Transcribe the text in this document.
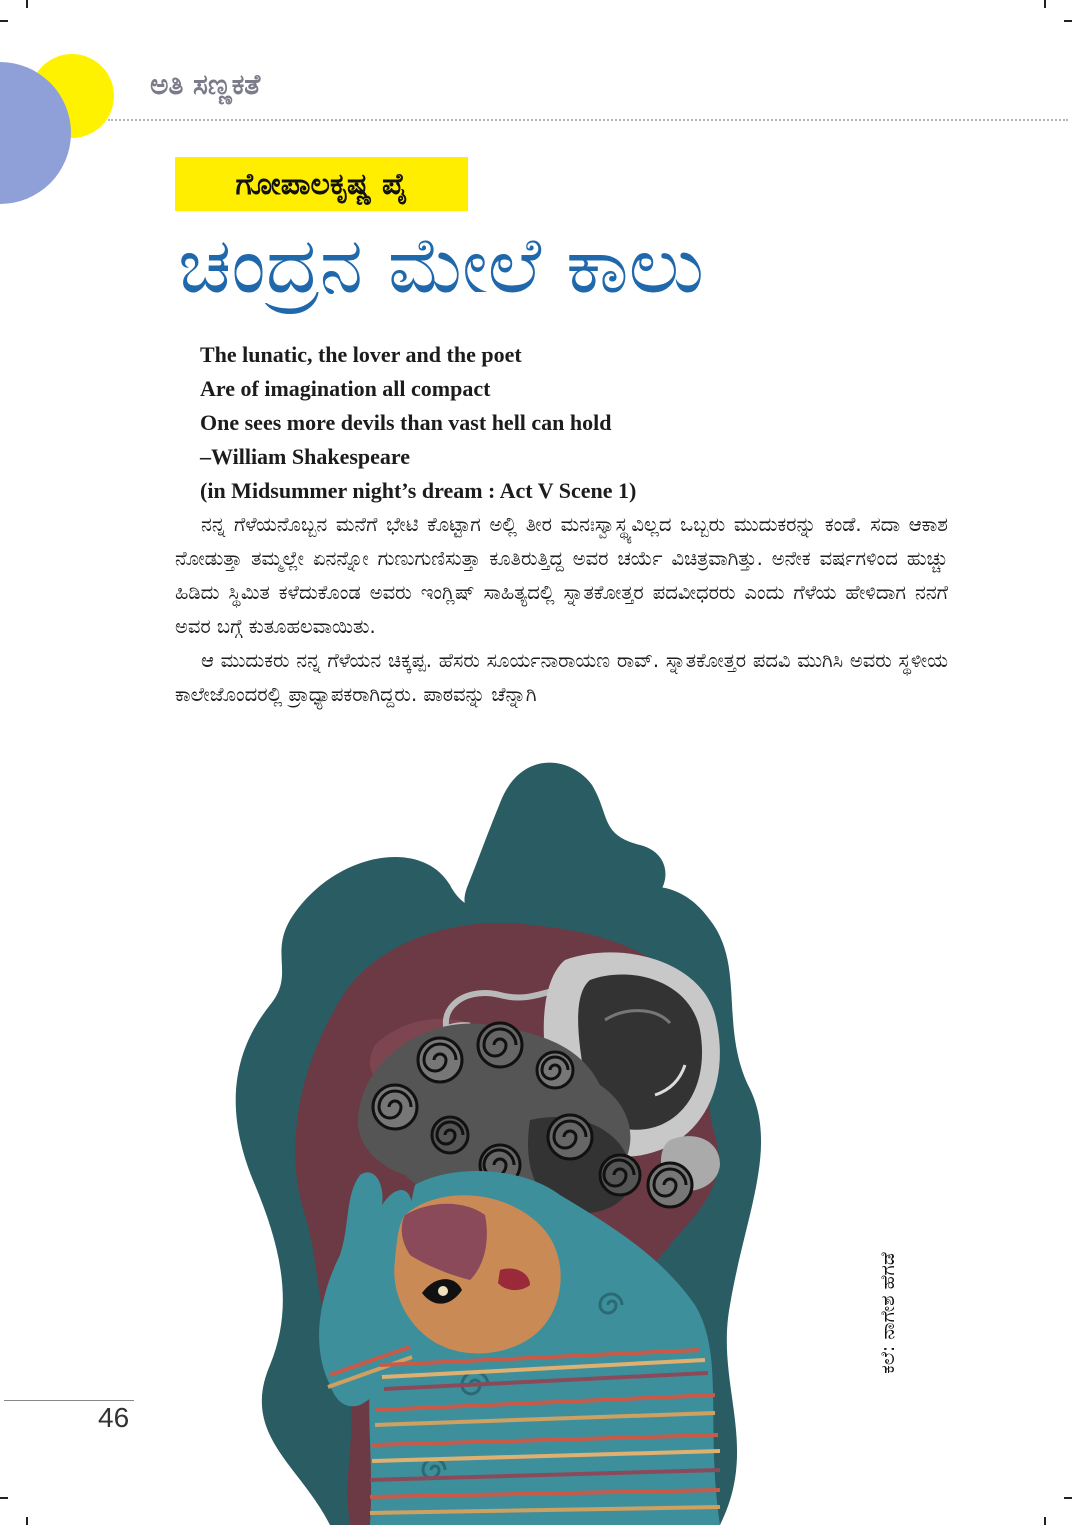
ಅತಿ ಸಣ್ಣಕತೆ
ಗೋಪಾಲಕೃಷ್ಣ ಪೈ
ಚಂದ್ರನ ಮೇಲೆ ಕಾಲು
The lunatic, the lover and the poet
Are of imagination all compact
One sees more devils than vast hell can hold
–William Shakespeare
(in Midsummer night’s dream : Act V Scene 1)

ನನ್ನ ಗೆಳೆಯನೊಬ್ಬನ ಮನೆಗೆ ಭೇಟಿ ಕೊಟ್ಟಾಗ ಅಲ್ಲಿ ತೀರ ಮನಃಸ್ವಾಸ್ಥ್ಯವಿಲ್ಲದ ಒಬ್ಬರು ಮುದುಕರನ್ನು ಕಂಡೆ. ಸದಾ ಆಕಾಶ ನೋಡುತ್ತಾ ತಮ್ಮಲ್ಲೇ ಏನನ್ನೋ ಗುಣುಗುಣಿಸುತ್ತಾ ಕೂತಿರುತ್ತಿದ್ದ ಅವರ ಚರ್ಯೆ ವಿಚಿತ್ರವಾಗಿತ್ತು. ಅನೇಕ ವರ್ಷಗಳಿಂದ ಹುಚ್ಚು ಹಿಡಿದು ಸ್ಥಿಮಿತ ಕಳೆದುಕೊಂಡ ಅವರು ಇಂಗ್ಲಿಷ್ ಸಾಹಿತ್ಯದಲ್ಲಿ ಸ್ನಾತಕೋತ್ತರ ಪದವೀಧರರು ಎಂದು ಗೆಳೆಯ ಹೇಳಿದಾಗ ನನಗೆ ಅವರ ಬಗ್ಗೆ ಕುತೂಹಲವಾಯಿತು.

ಆ ಮುದುಕರು ನನ್ನ ಗೆಳೆಯನ ಚಿಕ್ಕಪ್ಪ. ಹೆಸರು ಸೂರ್ಯನಾರಾಯಣ ರಾವ್. ಸ್ನಾತಕೋತ್ತರ ಪದವಿ ಮುಗಿಸಿ ಅವರು ಸ್ಥಳೀಯ ಕಾಲೇಜೊಂದರಲ್ಲಿ ಪ್ರಾಧ್ಯಾಪಕರಾಗಿದ್ದರು. ಪಾಠವನ್ನು ಚೆನ್ನಾಗಿ

ಕಲೆ: ನಾಗೇಶ ಹೆಗಡೆ
46
